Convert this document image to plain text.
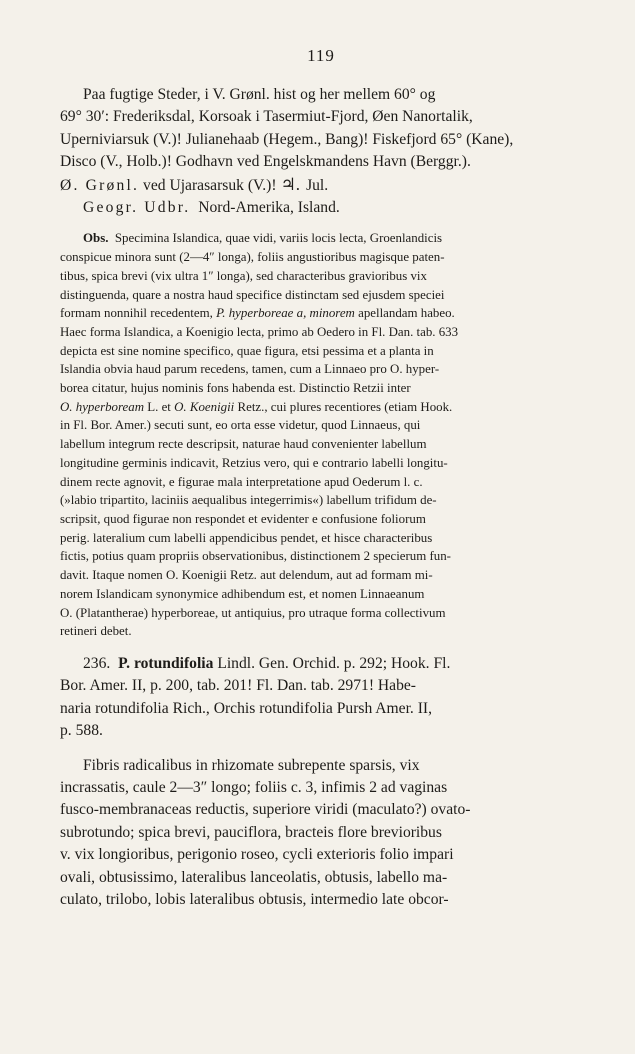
119
Paa fugtige Steder, i V. Grønl. hist og her mellem 60° og
69° 30′: Frederiksdal, Korsoak i Tasermiut-Fjord, Øen Nanortalik,
Uperniviarsuk (V.)! Julianehaab (Hegem., Bang)! Fiskefjord 65° (Kane),
Disco (V., Holb.)! Godhavn ved Engelskmandens Havn (Berggr.).
Ø. Grønl. ved Ujarasarsuk (V.)! ♃. Jul.
Geogr. Udbr. Nord-Amerika, Island.
Obs. Specimina Islandica, quae vidi, variis locis lecta, Groenlandicis
conspicue minora sunt (2—4″ longa), foliis angustioribus magisque paten-
tibus, spica brevi (vix ultra 1″ longa), sed characteribus gravioribus vix
distinguenda, quare a nostra haud specifice distinctam sed ejusdem speciei
formam nonnihil recedentem, P. hyperboreae a, minorem apellandam habeo.
Haec forma Islandica, a Koenigio lecta, primo ab Oedero in Fl. Dan. tab. 633
depicta est sine nomine specifico, quae figura, etsi pessima et a planta in
Islandia obvia haud parum recedens, tamen, cum a Linnaeo pro O. hyper-
borea citatur, hujus nominis fons habenda est. Distinctio Retzii inter
O. hyperboream L. et O. Koenigii Retz., cui plures recentiores (etiam Hook.
in Fl. Bor. Amer.) secuti sunt, eo orta esse videtur, quod Linnaeus, qui
labellum integrum recte descripsit, naturae haud convenienter labellum
longitudine germinis indicavit, Retzius vero, qui e contrario labelli longitu-
dinem recte agnovit, e figurae mala interpretatione apud Oederum l. c.
(»labio tripartito, laciniis aequalibus integerrimis«) labellum trifidum de-
scripsit, quod figurae non respondet et evidenter e confusione foliorum
perig. lateralium cum labelli appendicibus pendet, et hisce characteribus
fictis, potius quam propriis observationibus, distinctionem 2 specierum fun-
davit. Itaque nomen O. Koenigii Retz. aut delendum, aut ad formam mi-
norem Islandicam synonymice adhibendum est, et nomen Linnaeanum
O. (Platantherae) hyperboreae, ut antiquius, pro utraque forma collectivum
retineri debet.
236. P. rotundifolia Lindl. Gen. Orchid. p. 292; Hook. Fl.
Bor. Amer. II, p. 200, tab. 201! Fl. Dan. tab. 2971! Habe-
naria rotundifolia Rich., Orchis rotundifolia Pursh Amer. II,
p. 588.
Fibris radicalibus in rhizomate subrepente sparsis, vix
incrassatis, caule 2—3″ longo; foliis c. 3, infimis 2 ad vaginas
fusco-membranaceas reductis, superiore viridi (maculato?) ovato-
subrotundo; spica brevi, pauciflora, bracteis flore brevioribus
v. vix longioribus, perigonio roseo, cycli exterioris folio impari
ovali, obtusissimo, lateralibus lanceolatis, obtusis, labello ma-
culato, trilobo, lobis lateralibus obtusis, intermedio late obcor-
